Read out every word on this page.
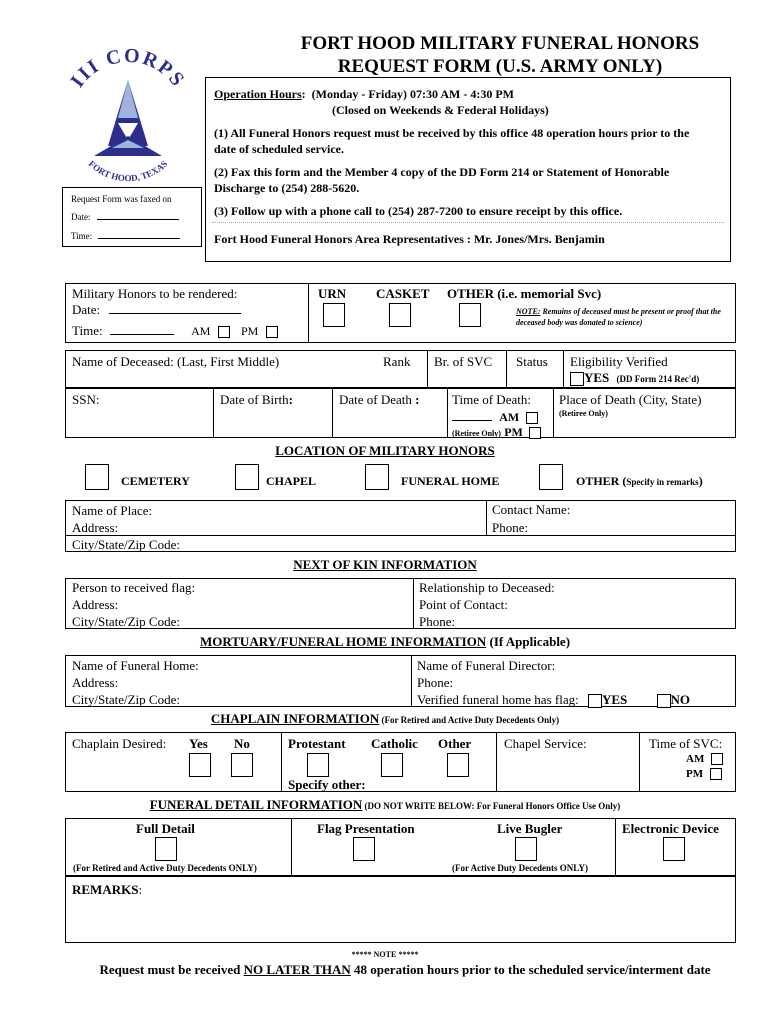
FORT HOOD MILITARY FUNERAL HONORS
REQUEST FORM (U.S. ARMY ONLY)
III CORPS
FORT HOOD, TEXAS
Request Form was faxed on
Date:
Time:
Operation Hours:  (Monday - Friday) 07:30 AM - 4:30 PM
(Closed on Weekends & Federal Holidays)
(1) All Funeral Honors request must be received by this office 48 operation hours prior to the date of scheduled service.
(2) Fax this form and the Member 4 copy of the DD Form 214 or Statement of Honorable Discharge to (254) 288-5620.
(3) Follow up with a phone call to (254) 287-7200 to ensure receipt by this office.
Fort Hood Funeral Honors Area Representatives : Mr. Jones/Mrs. Benjamin
Military Honors to be rendered:
Date:
Time:	AM	PM
URN CASKET OTHER (i.e. memorial Svc)
NOTE: Remains of deceased must be present or proof that the deceased body was donated to science)
Name of Deceased: (Last, First Middle)	Rank Br. of SVC Status Eligibility Verified
YES (DD Form 214 Rec'd)
SSN:	Date of Birth:	Date of Death : Time of Death:
AM
(Retiree Only) PM
Place of Death (City, State)
(Retiree Only)
LOCATION OF MILITARY HONORS
CEMETERY	CHAPEL	FUNERAL HOME	OTHER (Specify in remarks)
Name of Place:
Address:
City/State/Zip Code:
Contact Name:
Phone:
NEXT OF KIN INFORMATION
Person to received flag:
Address:
City/State/Zip Code:
Relationship to Deceased:
Point of Contact:
Phone:
MORTUARY/FUNERAL HOME INFORMATION (If Applicable)
Name of Funeral Home:
Address:
City/State/Zip Code:
Name of Funeral Director:
Phone:
Verified funeral home has flag: YES	NO
CHAPLAIN INFORMATION (For Retired and Active Duty Decedents Only)
Chaplain Desired: Yes No	Protestant Catholic Other
Specify other:
Chapel Service:	Time of SVC:
AM
PM
FUNERAL DETAIL INFORMATION (DO NOT WRITE BELOW: For Funeral Honors Office Use Only)
Full Detail	Flag Presentation	Live Bugler	Electronic Device
(For Retired and Active Duty Decedents ONLY)	(For Active Duty Decedents ONLY)
REMARKS:
***** NOTE *****
Request must be received NO LATER THAN 48 operation hours prior to the scheduled service/interment date
